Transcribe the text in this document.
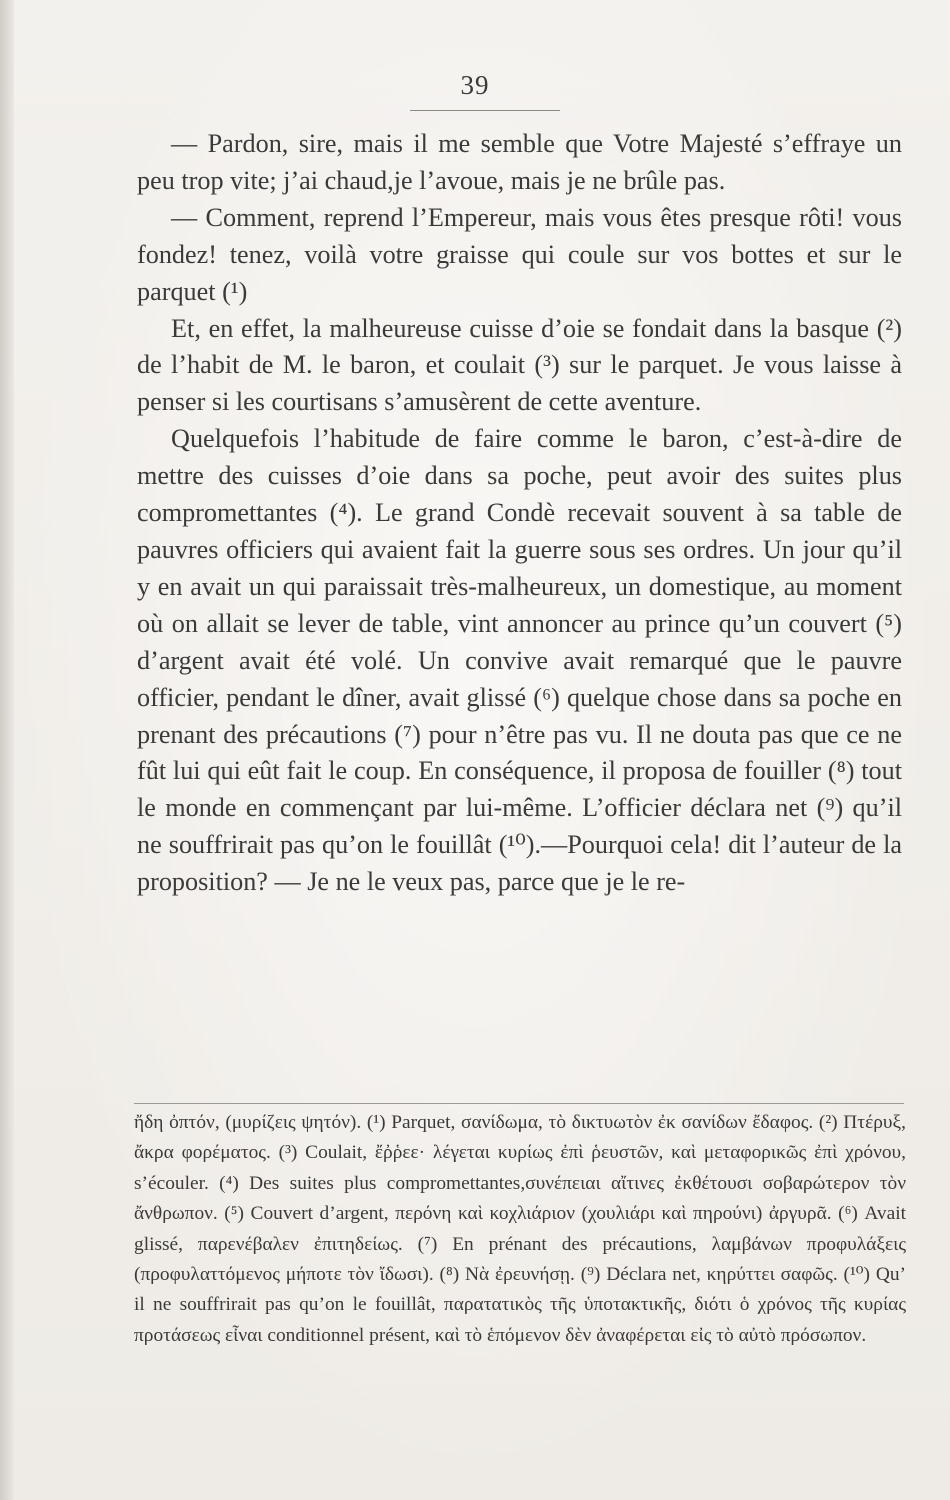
39

— Pardon, sire, mais il me semble que Votre Majesté s’effraye un peu trop vite; j’ai chaud,je l’avoue, mais je ne brûle pas.

— Comment, reprend l’Empereur, mais vous êtes presque rôti! vous fondez! tenez, voilà votre graisse qui coule sur vos bottes et sur le parquet (¹)

Et, en effet, la malheureuse cuisse d’oie se fondait dans la basque (²) de l’habit de M. le baron, et coulait (³) sur le parquet. Je vous laisse à penser si les courtisans s’amusèrent de cette aventure.

Quelquefois l’habitude de faire comme le baron, c’est-à-dire de mettre des cuisses d’oie dans sa poche, peut avoir des suites plus compromettantes (⁴). Le grand Condè recevait souvent à sa table de pauvres officiers qui avaient fait la guerre sous ses ordres. Un jour qu’il y en avait un qui paraissait très-malheureux, un domestique, au moment où on allait se lever de table, vint annoncer au prince qu’un couvert (⁵) d’argent avait été volé. Un convive avait remarqué que le pauvre officier, pendant le dîner, avait glissé (⁶) quelque chose dans sa poche en prenant des précautions (⁷) pour n’être pas vu. Il ne douta pas que ce ne fût lui qui eût fait le coup. En conséquence, il proposa de fouiller (⁸) tout le monde en commençant par lui-même. L’officier déclara net (⁹) qu’il ne souffrirait pas qu’on le fouillât (¹⁰).—Pourquoi cela! dit l’auteur de la proposition? — Je ne le veux pas, parce que je le re-

ἤδη ὀπτόν, (μυρίζεις ψητόν). (¹) Parquet, σανίδωμα, τὸ δικτυωτὸν ἐκ σανίδων ἔδαφος. (²) Πτέρυξ, ἄκρα φορέματος. (³) Coulait, ἔῤῥεε· λέγεται κυρίως ἐπὶ ῥευστῶν, καὶ μεταφορικῶς ἐπὶ χρόνου, s’écouler. (⁴) Des suites plus compromettantes,συνέπειαι αἴτινες ἐκθέτουσι σοβαρώτερον τὸν ἄνθρωπον. (⁵) Couvert d’argent, περόνη καὶ κοχλιάριον (χουλιάρι καὶ πηρούνι) ἀργυρᾶ. (⁶) Avait glissé, παρενέβαλεν ἐπιτηδείως. (⁷) En prénant des précautions, λαμβάνων προφυλάξεις (προφυλαττόμενος μήποτε τὸν ἴδωσι). (⁸) Νὰ ἐρευνήσῃ. (⁹) Déclara net, κηρύττει σαφῶς. (¹⁰) Qu’ il ne souffrirait pas qu’on le fouillât, παρατατικὸς τῆς ὑποτακτικῆς, διότι ὁ χρόνος τῆς κυρίας προτάσεως εἶναι conditionnel présent, καὶ τὸ ἑπόμενον δὲν ἀναφέρεται εἰς τὸ αὐτὸ πρόσωπον.
